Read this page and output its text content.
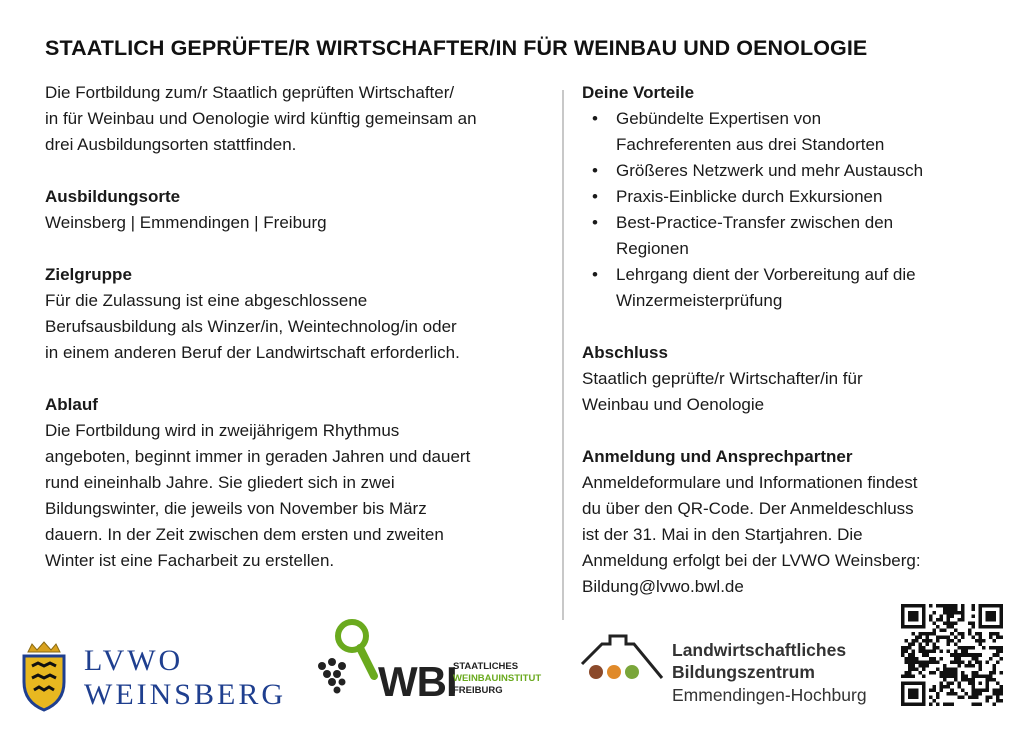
STAATLICH GEPRÜFTE/R WIRTSCHAFTER/IN FÜR WEINBAU UND OENOLOGIE

Die Fortbildung zum/r Staatlich geprüften Wirtschafter/

in für Weinbau und Oenologie wird künftig gemeinsam an

drei Ausbildungsorten stattfinden.

Ausbildungsorte

Weinsberg | Emmendingen | Freiburg

Zielgruppe

Für die Zulassung ist eine abgeschlossene

Berufsausbildung als Winzer/in, Weintechnolog/in oder

in einem anderen Beruf der Landwirtschaft erforderlich.

Ablauf

Die Fortbildung wird in zweijährigem Rhythmus

angeboten, beginnt immer in geraden Jahren und dauert

rund eineinhalb Jahre. Sie gliedert sich in zwei

Bildungswinter, die jeweils von November bis März

dauern. In der Zeit zwischen dem ersten und zweiten

Winter ist eine Facharbeit zu erstellen.

Deine Vorteile

• Gebündelte Expertisen von
Fachreferenten aus drei Standorten
• Größeres Netzwerk und mehr Austausch
• Praxis-Einblicke durch Exkursionen
• Best-Practice-Transfer zwischen den
Regionen
• Lehrgang dient der Vorbereitung auf die
Winzermeisterprüfung

Abschluss

Staatlich geprüfte/r Wirtschafter/in für

Weinbau und Oenologie

Anmeldung und Ansprechpartner

Anmeldeformulare und Informationen findest

du über den QR-Code. Der Anmeldeschluss

ist der 31. Mai in den Startjahren. Die

Anmeldung erfolgt bei der LVWO Weinsberg:

Bildung@lvwo.bwl.de

LVWO
WEINSBERG WBI
STAATLICHES
WEINBAUINSTITUT
FREIBURG
Landwirtschaftliches
Bildungszentrum
Emmendingen-Hochburg
